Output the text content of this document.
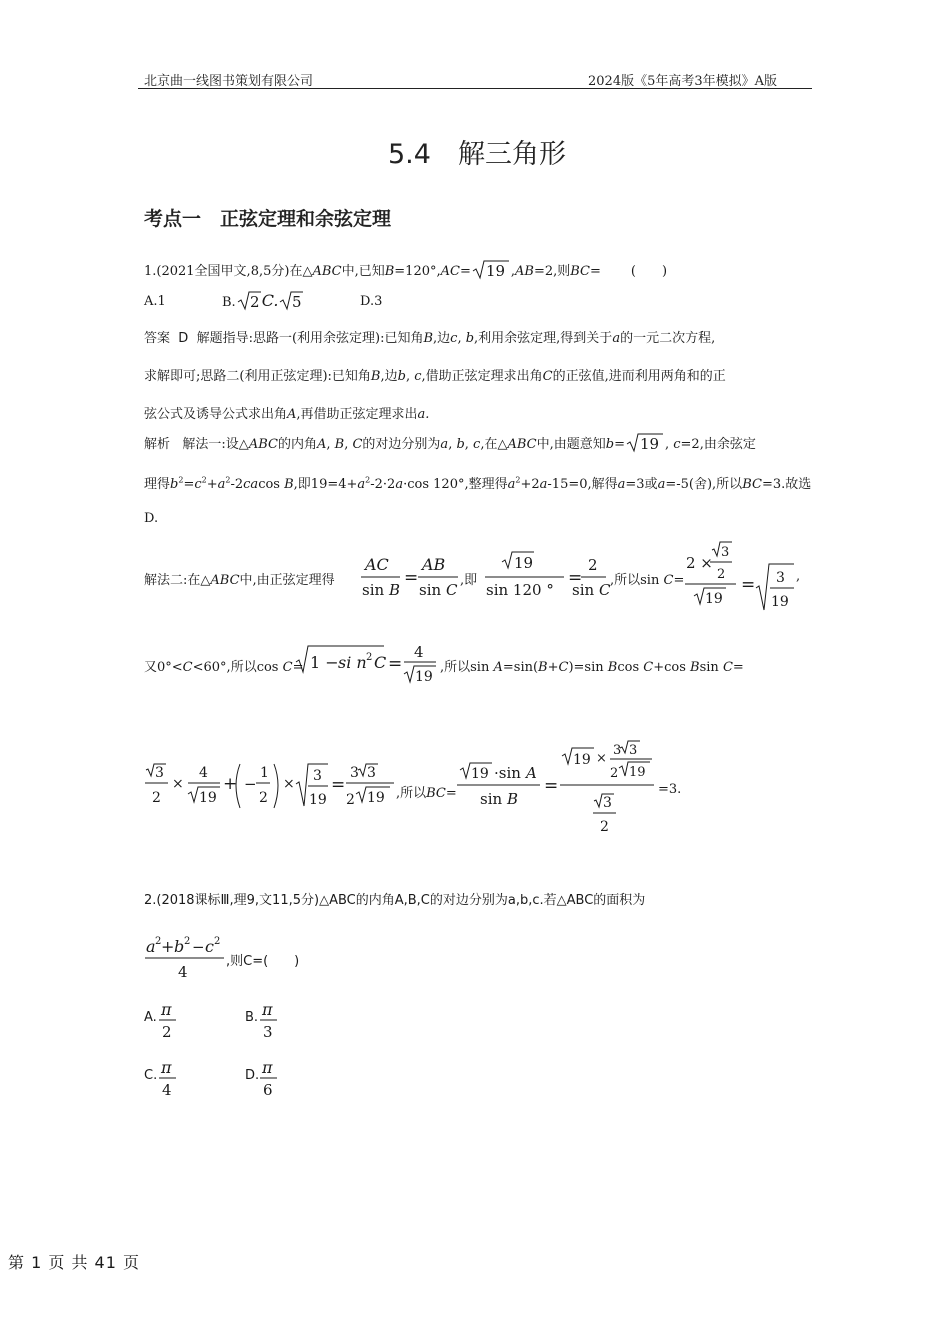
北京曲一线图书策划有限公司	2024版《5年高考3年模拟》A版
5.4　解三角形
考点一　正弦定理和余弦定理
1.(2021全国甲文,8,5分)在△ABC中,已知B=120°,AC= 19 ,AB=2,则BC= (　　)
A.1	B. 2 C. 5	D.3
答案 D 解题指导:思路一(利用余弦定理):已知角B,边c, b,利用余弦定理,得到关于a的一元二次方程,
求解即可;思路二(利用正弦定理):已知角B,边b, c,借助正弦定理求出角C的正弦值,进而利用两角和的正
弦公式及诱导公式求出角A,再借助正弦定理求出a.
解析 解法一:设△ABC的内角A, B, C的对边分别为a, b, c,在△ABC中,由题意知b= 19 , c=2,由余弦定
理得$b^2=c^2+a^2-2cacos$ B,即$19=4+a^2-2\cdot 2a\cdot\cos$ 120°,整理得$a^2+2a-15=0$,解得a=3或a=-5(舍),所以BC=3.故选
D.
解法二:在△ABC中,由正弦定理得
AC
sin B
=
AB
sin C
,即
19
sin 120 °
=
2
sin C
,所以sin C=
2 ×
3
2
19
= 3
19
,
又0°<C<60°,所以cos C= 1 − si n 2 C =
4
19
,所以sin A=sin(B+C)=sin Bcos C+cos Bsin C=
3
2
×
4
19
+ −
1
2
× 3
19
=
3 3
2 19 ,所以BC=
19 ·sin A
sin B
=
19 ×
3 3
2 19
3
2
=3.
2.(2018课标Ⅲ,理9,文11,5分)△ABC的内角A,B,C的对边分别为a,b,c.若△ABC的面积为
a 2 + b 2 − c 2
4
,则C=(　　)
A. π
2
B. π
3
C. π
4
D. π
6
第 1 页 共 41 页
